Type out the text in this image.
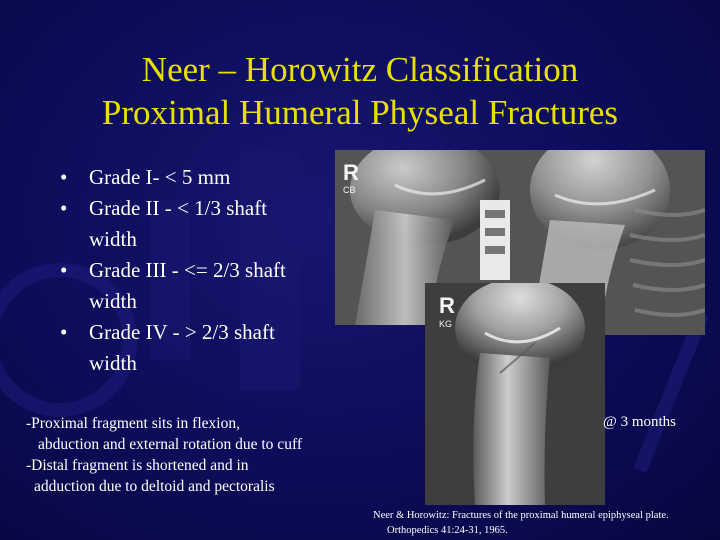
Neer – Horowitz Classification
Proximal Humeral Physeal Fractures
R
CB
R
KG
• Grade I- < 5 mm
• Grade II - < 1/3 shaft
width
• Grade III - <= 2/3 shaft
width
• Grade IV - > 2/3 shaft
width
-Proximal fragment sits in flexion,
abduction and external rotation due to cuff
-Distal fragment is shortened and in
adduction due to deltoid and pectoralis
@ 3 months
Neer & Horowitz: Fractures of the proximal humeral epiphyseal plate.
Orthopedics 41:24-31, 1965.
